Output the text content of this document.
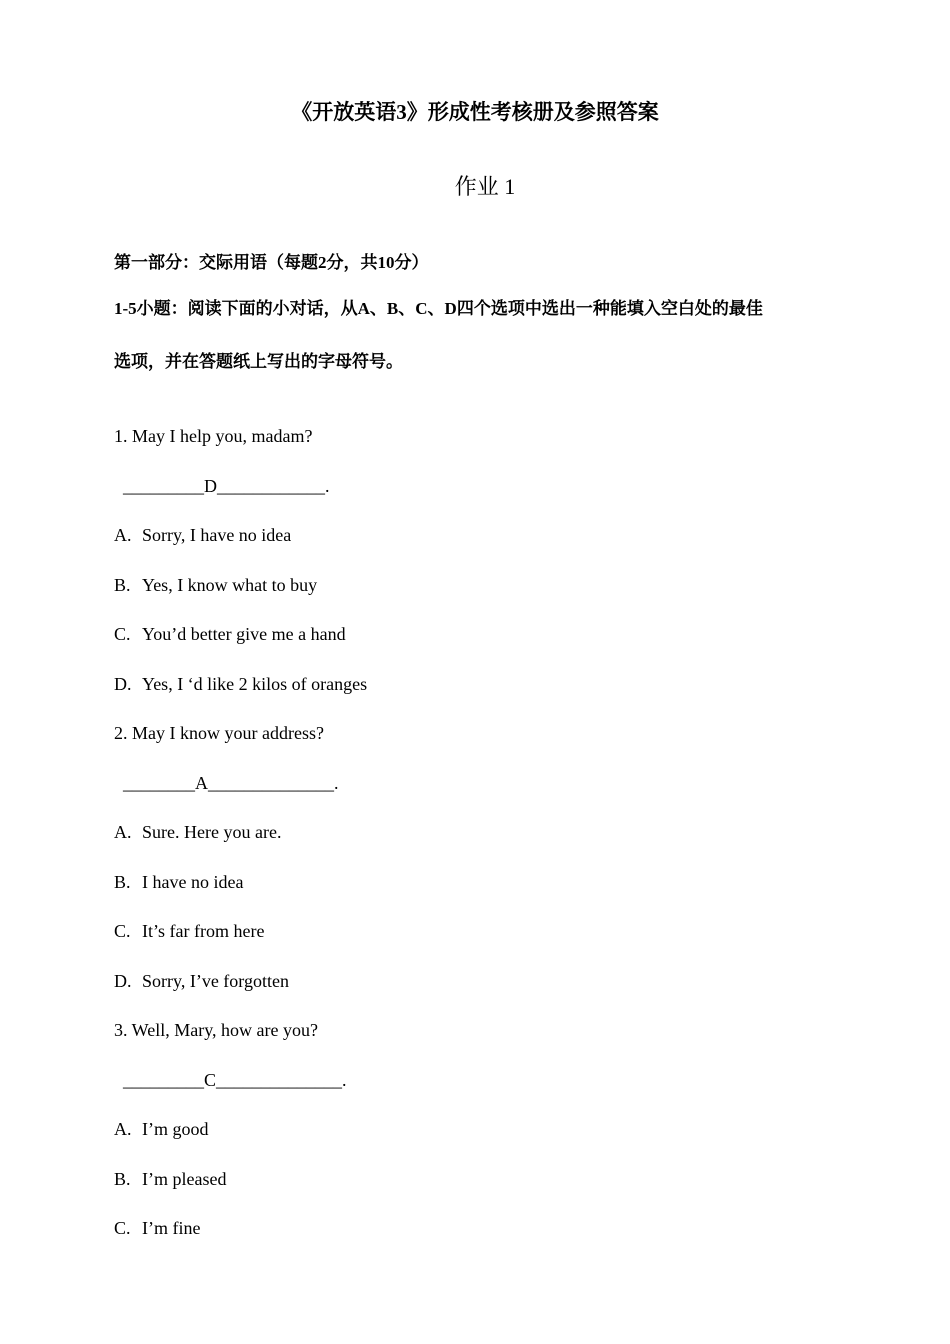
《开放英语3》形成性考核册及参照答案
作业 1

第一部分：交际用语（每题2分，共10分）

1-5小题：阅读下面的小对话，从A、B、C、D四个选项中选出一种能填入空白处的最佳
选项，并在答题纸上写出的字母符号。

1. May I help you, madam?
_________D____________.
A. Sorry, I have no idea
B. Yes, I know what to buy
C. You’d better give me a hand
D. Yes, I ‘d like 2 kilos of oranges
2. May I know your address?
________A______________.
A. Sure. Here you are.
B. I have no idea
C. It’s far from here
D. Sorry, I’ve forgotten
3. Well, Mary, how are you?
_________C______________.
A. I’m good
B. I’m pleased
C. I’m fine
